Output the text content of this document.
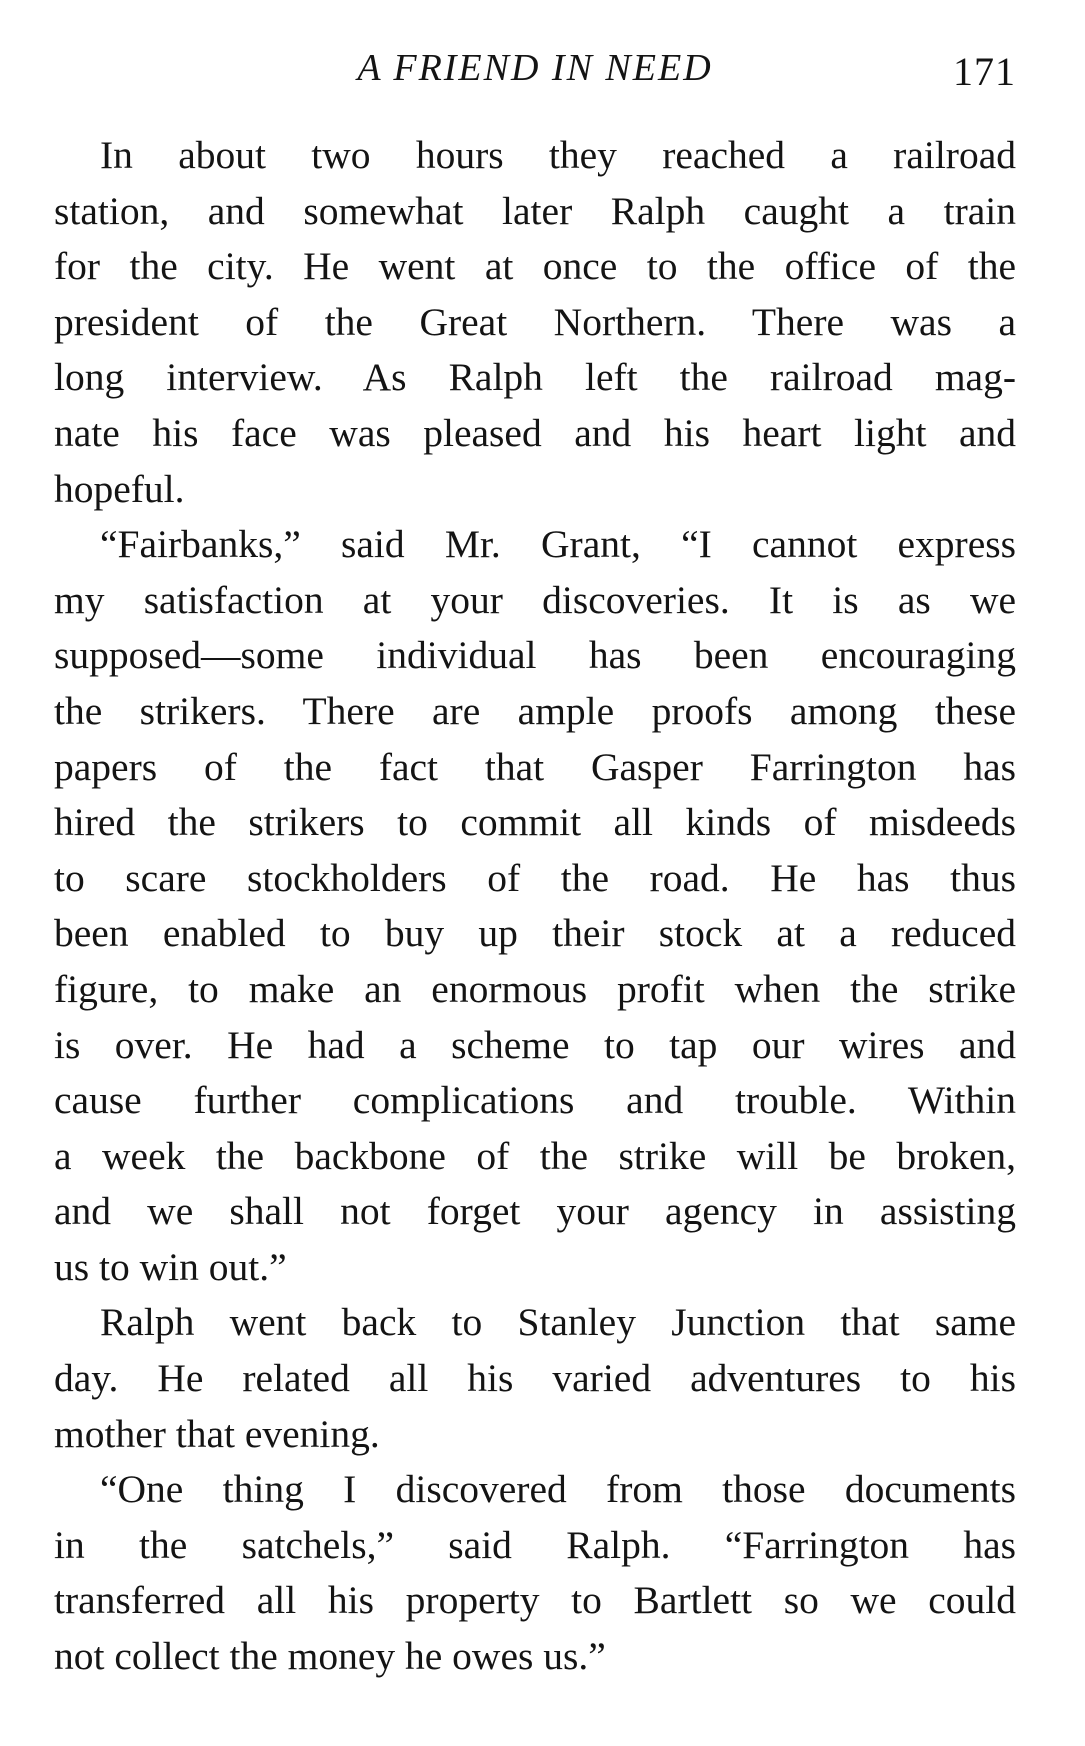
A FRIEND IN NEED	171
In about two hours they reached a railroad
station, and somewhat later Ralph caught a train
for the city. He went at once to the office of the
president of the Great Northern. There was a
long interview. As Ralph left the railroad mag-
nate his face was pleased and his heart light and
hopeful.
“Fairbanks,” said Mr. Grant, “I cannot express
my satisfaction at your discoveries. It is as we
supposed—some individual has been encouraging
the strikers. There are ample proofs among these
papers of the fact that Gasper Farrington has
hired the strikers to commit all kinds of misdeeds
to scare stockholders of the road. He has thus
been enabled to buy up their stock at a reduced
figure, to make an enormous profit when the strike
is over. He had a scheme to tap our wires and
cause further complications and trouble. Within
a week the backbone of the strike will be broken,
and we shall not forget your agency in assisting
us to win out.”
Ralph went back to Stanley Junction that same
day. He related all his varied adventures to his
mother that evening.
“One thing I discovered from those documents
in the satchels,” said Ralph. “Farrington has
transferred all his property to Bartlett so we could
not collect the money he owes us.”
